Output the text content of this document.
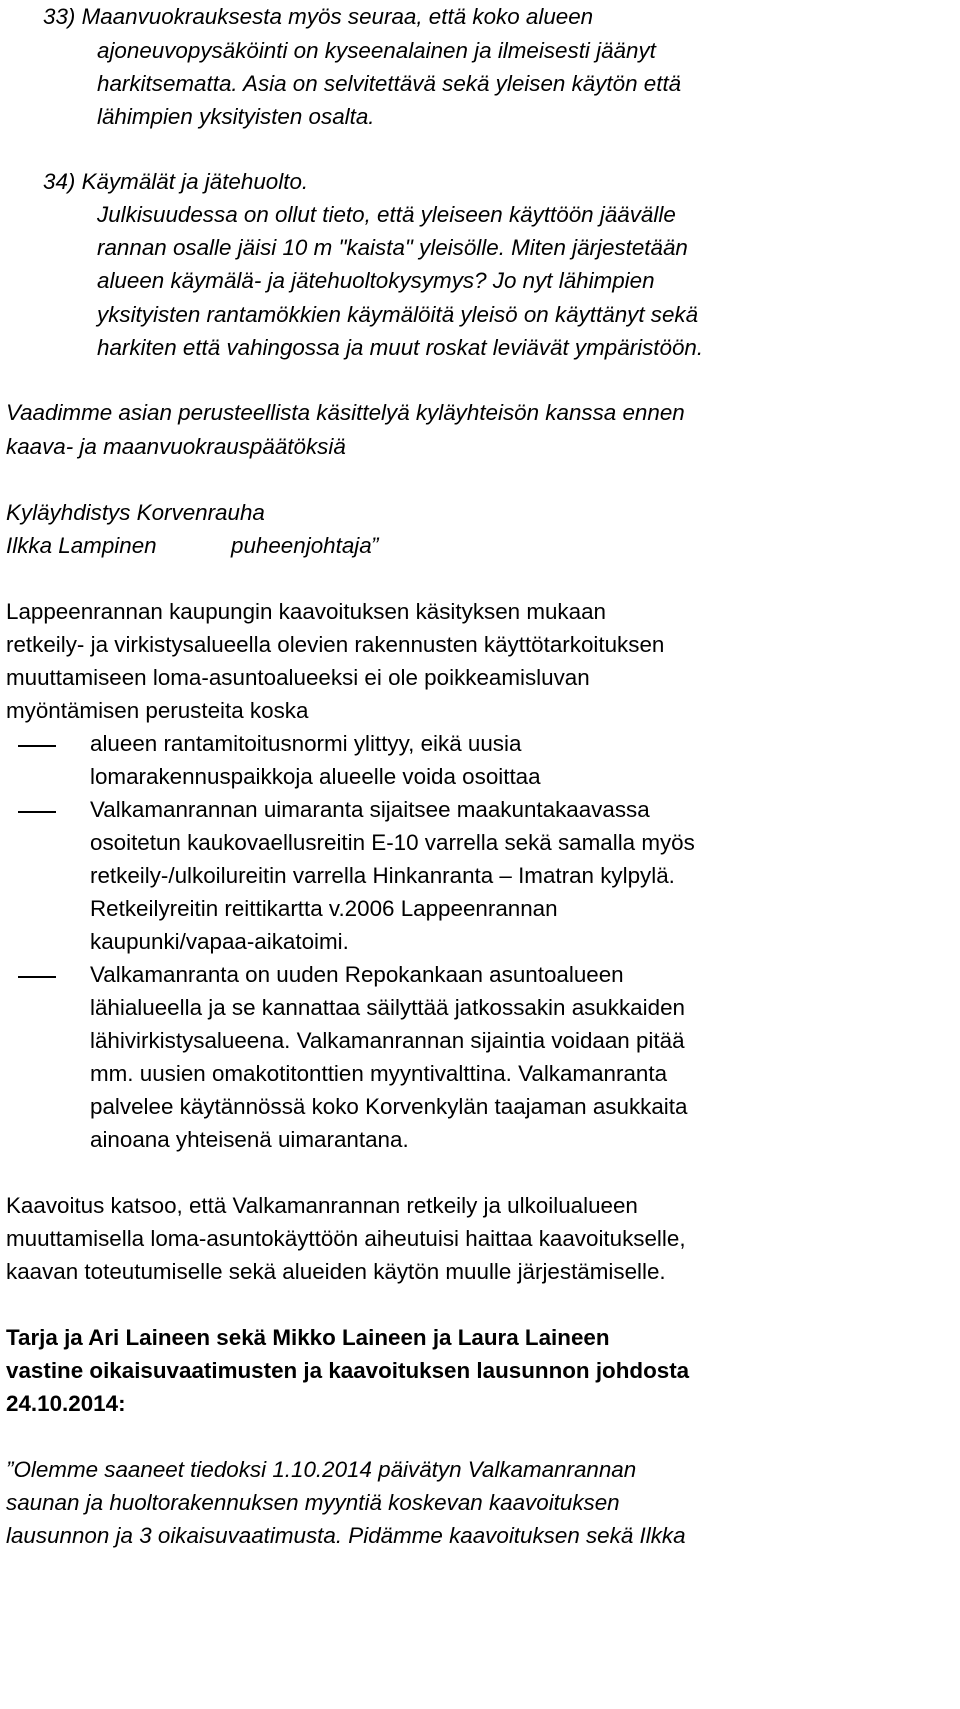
33) Maanvuokrauksesta myös seuraa, että koko alueen
ajoneuvopysäköinti on kyseenalainen ja ilmeisesti jäänyt
harkitsematta. Asia on selvitettävä sekä yleisen käytön että
lähimpien yksityisten osalta.
34) Käymälät ja jätehuolto.
Julkisuudessa on ollut tieto, että yleiseen käyttöön jäävälle
rannan osalle jäisi 10 m "kaista" yleisölle. Miten järjestetään
alueen käymälä- ja jätehuoltokysymys? Jo nyt lähimpien
yksityisten rantamökkien käymälöitä yleisö on käyttänyt sekä
harkiten että vahingossa ja muut roskat leviävät ympäristöön.
Vaadimme asian perusteellista käsittelyä kyläyhteisön kanssa ennen
kaava- ja maanvuokrauspäätöksiä
Kyläyhdistys Korvenrauha
Ilkka Lampinen	puheenjohtaja ”
Lappeenrannan kaupungin kaavoituksen käsityksen mukaan
retkeily- ja virkistysalueella olevien rakennusten käyttötarkoituksen
muuttamiseen loma-asuntoalueeksi ei ole poikkeamisluvan
myöntämisen perusteita koska
alueen rantamitoitusnormi ylittyy, eikä uusia
lomarakennuspaikkoja alueelle voida osoittaa
Valkamanrannan uimaranta sijaitsee maakuntakaavassa
osoitetun kaukovaellusreitin E-10 varrella sekä samalla myös
retkeily-/ulkoilureitin varrella Hinkanranta – Imatran kylpylä.
Retkeilyreitin reittikartta v.2006 Lappeenrannan
kaupunki/vapaa-aikatoimi.
Valkamanranta on uuden Repokankaan asuntoalueen
lähialueella ja se kannattaa säilyttää jatkossakin asukkaiden
lähivirkistysalueena. Valkamanrannan sijaintia voidaan pitää
mm. uusien omakotitonttien myyntivalttina. Valkamanranta
palvelee käytännössä koko Korvenkylän taajaman asukkaita
ainoana yhteisenä uimarantana.
Kaavoitus katsoo, että Valkamanrannan retkeily ja ulkoilualueen
muuttamisella loma-asuntokäyttöön aiheutuisi haittaa kaavoitukselle,
kaavan toteutumiselle sekä alueiden käytön muulle järjestämiselle.
Tarja ja Ari Laineen sekä Mikko Laineen ja Laura Laineen
vastine oikaisuvaatimusten ja kaavoituksen lausunnon johdosta
24.10.2014:
”Olemme saaneet tiedoksi 1.10.2014 päivätyn Valkamanrannan
saunan ja huoltorakennuksen myyntiä koskevan kaavoituksen
lausunnon ja 3 oikaisuvaatimusta. Pidämme kaavoituksen sekä Ilkka
